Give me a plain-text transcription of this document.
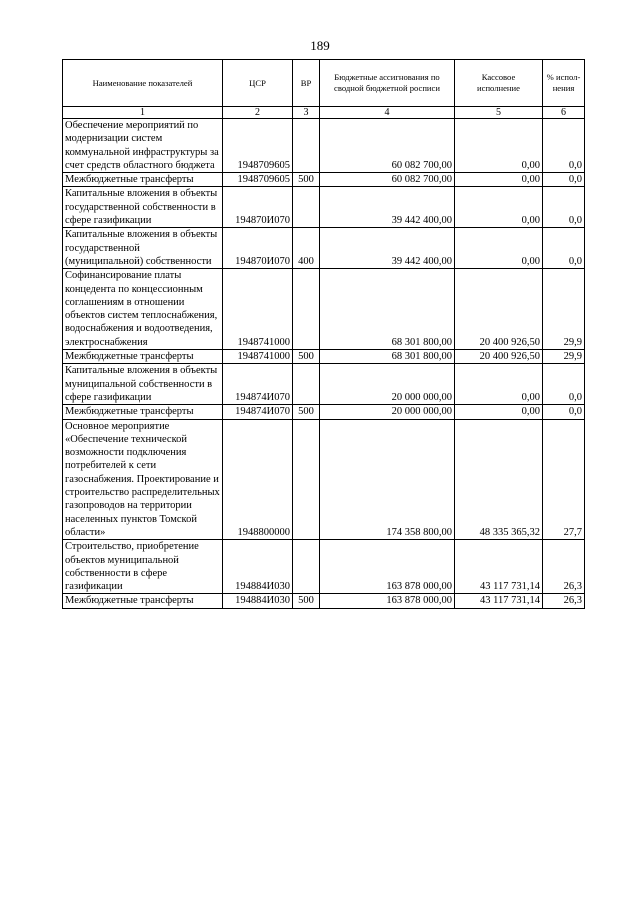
189
Наименование показателей	ЦСР	ВР	Бюджетные ассигнования по сводной бюджетной росписи	Кассовое исполнение	% испол-нения
1	2	3	4	5	6
Обеспечение мероприятий по модернизации систем коммунальной инфраструктуры за счет средств областного бюджета	1948709605		60 082 700,00	0,00	0,0
Межбюджетные трансферты	1948709605	500	60 082 700,00	0,00	0,0
Капитальные вложения в объекты государственной собственности в сфере газификации	194870И070		39 442 400,00	0,00	0,0
Капитальные вложения в объекты государственной (муниципальной) собственности	194870И070	400	39 442 400,00	0,00	0,0
Софинансирование платы концедента по концессионным соглашениям в отношении объектов систем теплоснабжения, водоснабжения и водоотведения, электроснабжения	1948741000		68 301 800,00	20 400 926,50	29,9
Межбюджетные трансферты	1948741000	500	68 301 800,00	20 400 926,50	29,9
Капитальные вложения в объекты муниципальной собственности в сфере газификации	194874И070		20 000 000,00	0,00	0,0
Межбюджетные трансферты	194874И070	500	20 000 000,00	0,00	0,0
Основное мероприятие «Обеспечение технической возможности подключения потребителей к сети газоснабжения. Проектирование и строительство распределительных газопроводов на территории населенных пунктов Томской области»	1948800000		174 358 800,00	48 335 365,32	27,7
Строительство, приобретение объектов муниципальной собственности в сфере газификации	194884И030		163 878 000,00	43 117 731,14	26,3
Межбюджетные трансферты	194884И030	500	163 878 000,00	43 117 731,14	26,3
